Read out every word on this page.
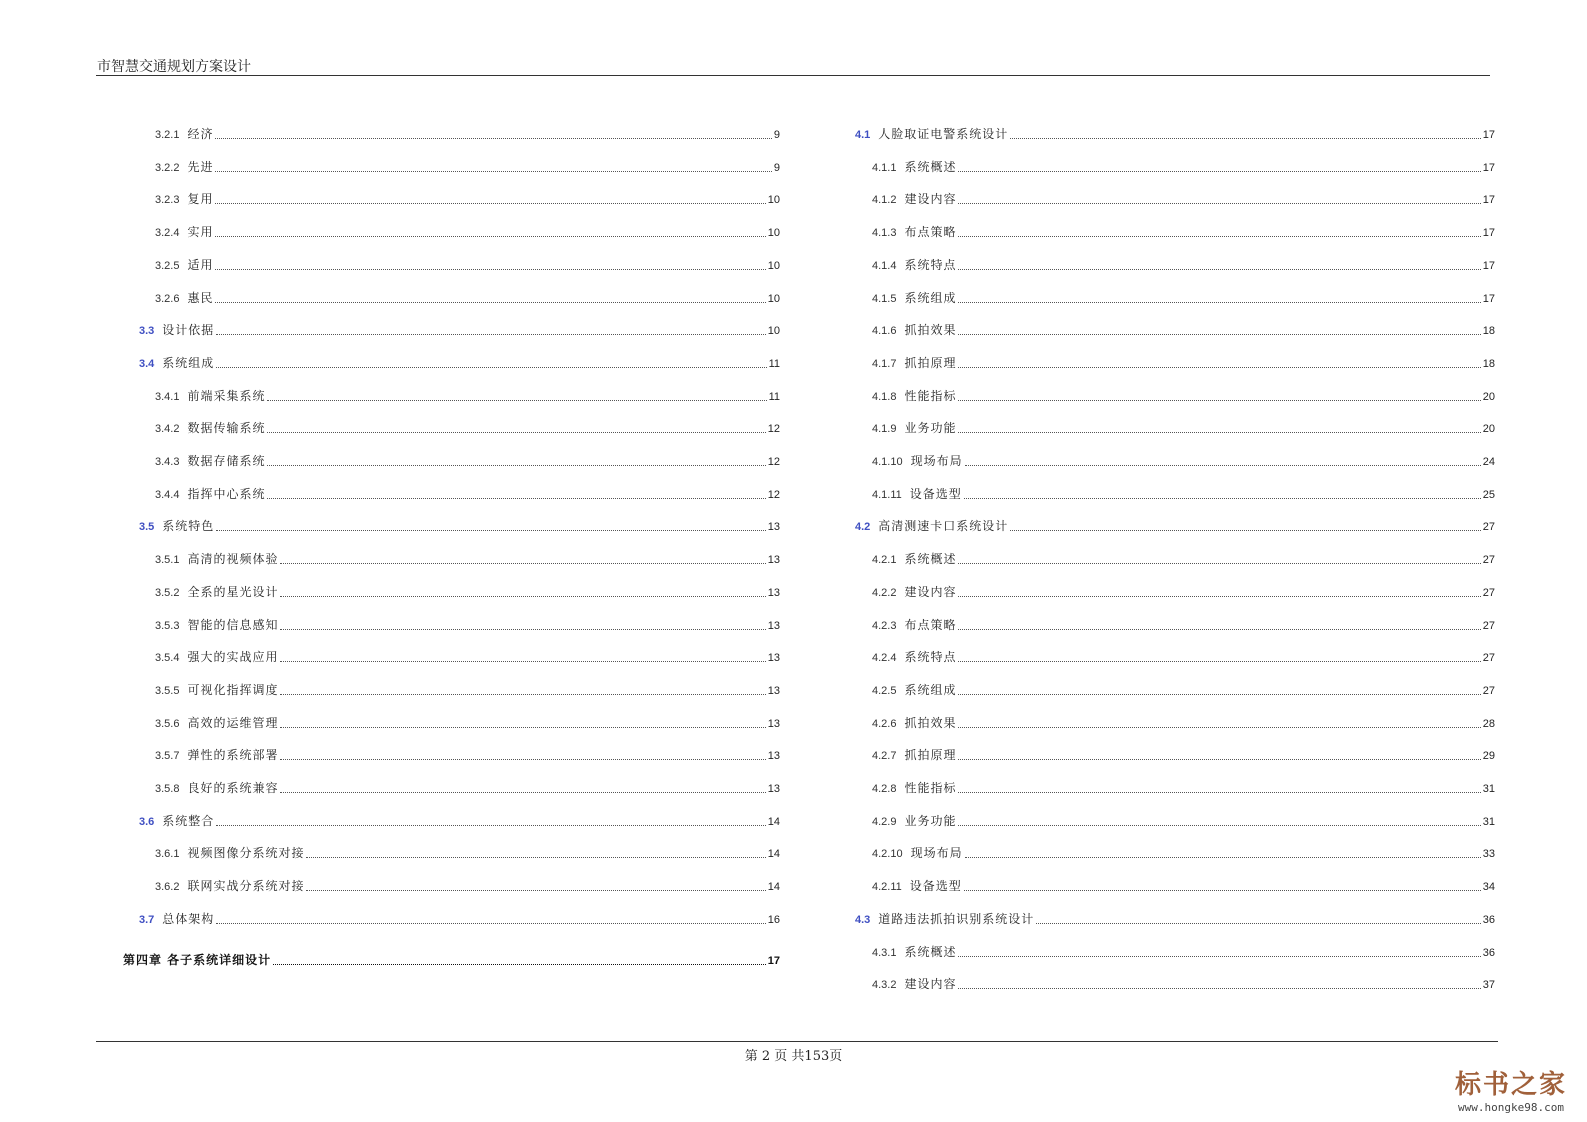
市智慧交通规划方案设计
3.2.1 经济	9
3.2.2 先进	9
3.2.3 复用	10
3.2.4 实用	10
3.2.5 适用	10
3.2.6 惠民	10
3.3 设计依据	10
3.4 系统组成	11
3.4.1 前端采集系统	11
3.4.2 数据传输系统	12
3.4.3 数据存储系统	12
3.4.4 指挥中心系统	12
3.5 系统特色	13
3.5.1 高清的视频体验	13
3.5.2 全系的星光设计	13
3.5.3 智能的信息感知	13
3.5.4 强大的实战应用	13
3.5.5 可视化指挥调度	13
3.5.6 高效的运维管理	13
3.5.7 弹性的系统部署	13
3.5.8 良好的系统兼容	13
3.6 系统整合	14
3.6.1 视频图像分系统对接	14
3.6.2 联网实战分系统对接	14
3.7 总体架构	16
第四章 各子系统详细设计	17
4.1 人脸取证电警系统设计	17
4.1.1 系统概述	17
4.1.2 建设内容	17
4.1.3 布点策略	17
4.1.4 系统特点	17
4.1.5 系统组成	17
4.1.6 抓拍效果	18
4.1.7 抓拍原理	18
4.1.8 性能指标	20
4.1.9 业务功能	20
4.1.10 现场布局	24
4.1.11 设备选型	25
4.2 高清测速卡口系统设计	27
4.2.1 系统概述	27
4.2.2 建设内容	27
4.2.3 布点策略	27
4.2.4 系统特点	27
4.2.5 系统组成	27
4.2.6 抓拍效果	28
4.2.7 抓拍原理	29
4.2.8 性能指标	31
4.2.9 业务功能	31
4.2.10 现场布局	33
4.2.11 设备选型	34
4.3 道路违法抓拍识别系统设计	36
4.3.1 系统概述	36
4.3.2 建设内容	37
第 2 页 共153页
标书之家
www.hongke98.com
